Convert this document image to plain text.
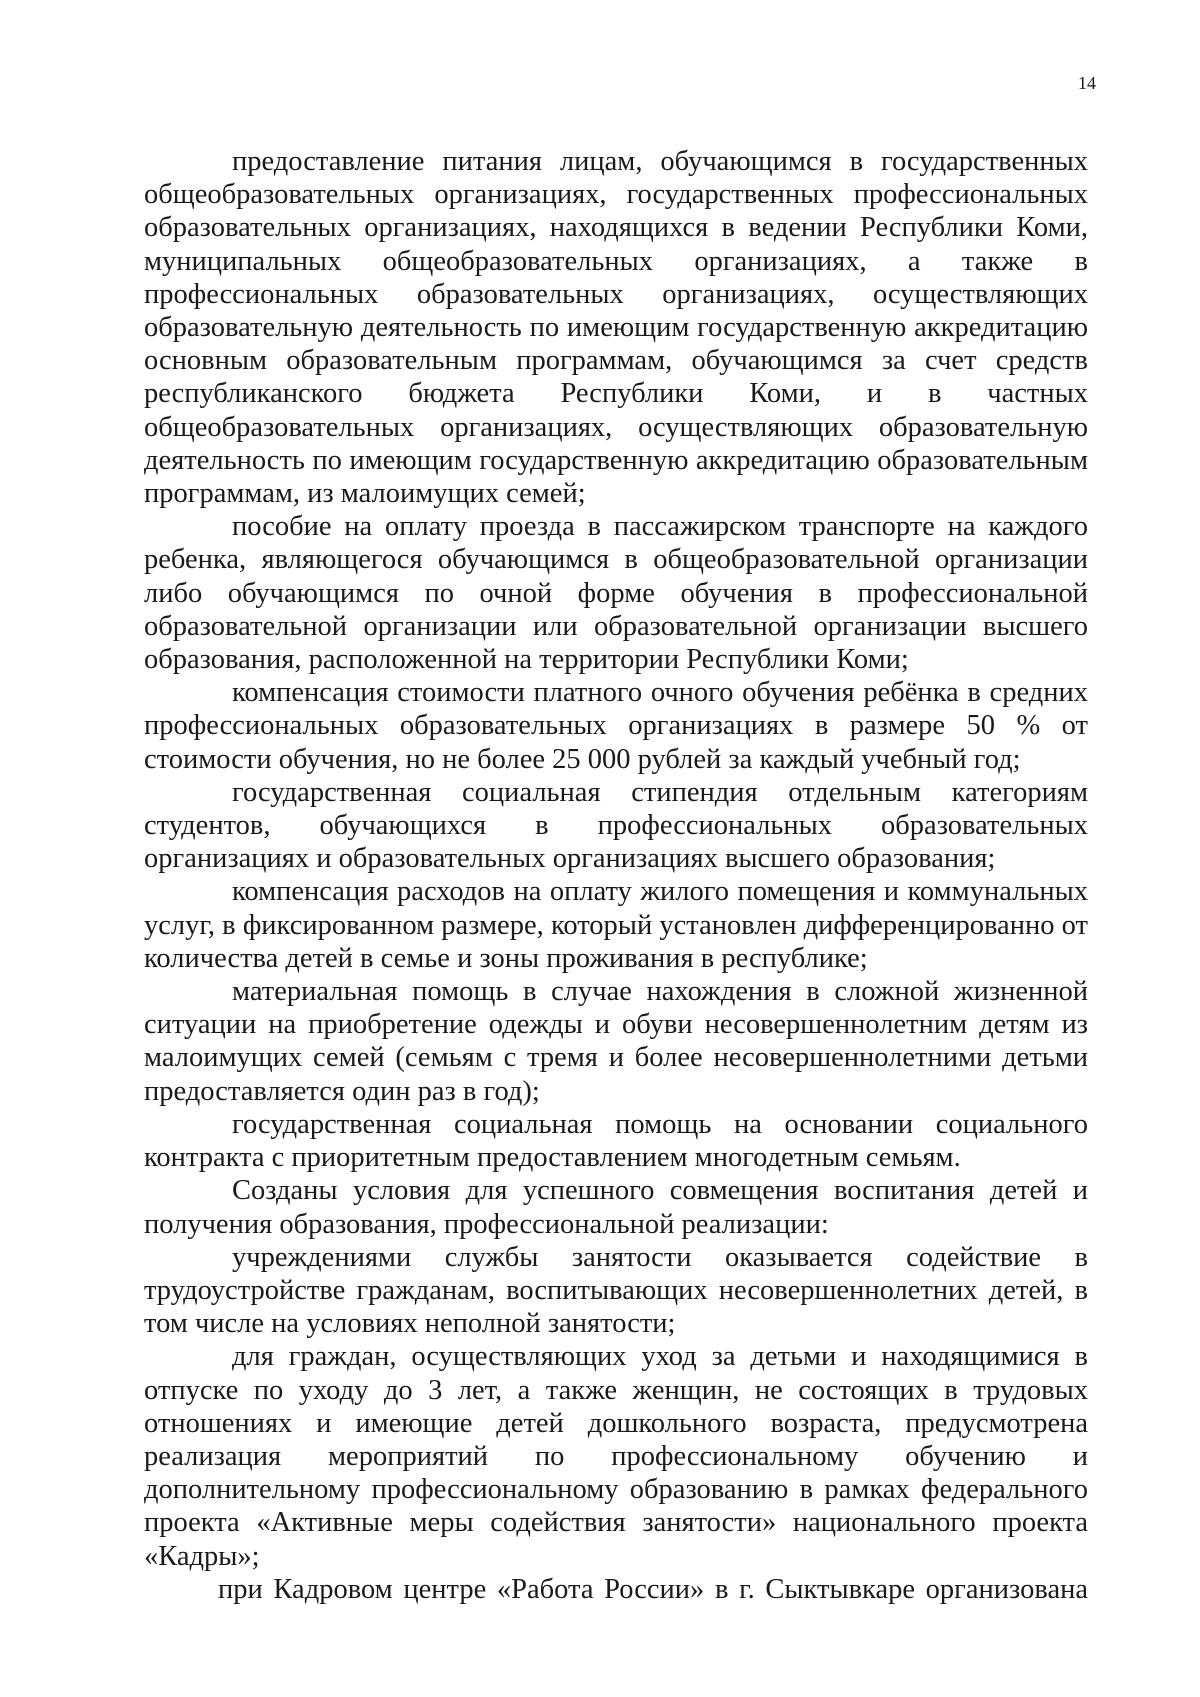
14

предоставление питания лицам, обучающимся в государственных общеобразовательных организациях, государственных профессиональных образовательных организациях, находящихся в ведении Республики Коми, муниципальных общеобразовательных организациях, а также в профессиональных образовательных организациях, осуществляющих образовательную деятельность по имеющим государственную аккредитацию основным образовательным программам, обучающимся за счет средств республиканского бюджета Республики Коми, и в частных общеобразовательных организациях, осуществляющих образовательную деятельность по имеющим государственную аккредитацию образовательным программам, из малоимущих семей;

пособие на оплату проезда в пассажирском транспорте на каждого ребенка, являющегося обучающимся в общеобразовательной организации либо обучающимся по очной форме обучения в профессиональной образовательной организации или образовательной организации высшего образования, расположенной на территории Республики Коми;

компенсация стоимости платного очного обучения ребёнка в средних профессиональных образовательных организациях в размере 50 % от стоимости обучения, но не более 25 000 рублей за каждый учебный год;

государственная социальная стипендия отдельным категориям студентов, обучающихся в профессиональных образовательных организациях и образовательных организациях высшего образования;

компенсация расходов на оплату жилого помещения и коммунальных услуг, в фиксированном размере, который установлен дифференцированно от количества детей в семье и зоны проживания в республике;

материальная помощь в случае нахождения в сложной жизненной ситуации на приобретение одежды и обуви несовершеннолетним детям из малоимущих семей (семьям с тремя и более несовершеннолетними детьми предоставляется один раз в год);

государственная социальная помощь на основании социального контракта с приоритетным предоставлением многодетным семьям.

Созданы условия для успешного совмещения воспитания детей и получения образования, профессиональной реализации:

учреждениями службы занятости оказывается содействие в трудоустройстве гражданам, воспитывающих несовершеннолетних детей, в том числе на условиях неполной занятости;

для граждан, осуществляющих уход за детьми и находящимися в отпуске по уходу до 3 лет, а также женщин, не состоящих в трудовых отношениях и имеющие детей дошкольного возраста, предусмотрена реализация мероприятий по профессиональному обучению и дополнительному профессиональному образованию в рамках федерального проекта «Активные меры содействия занятости» национального проекта «Кадры»;

при Кадровом центре «Работа России» в г. Сыктывкаре организована
